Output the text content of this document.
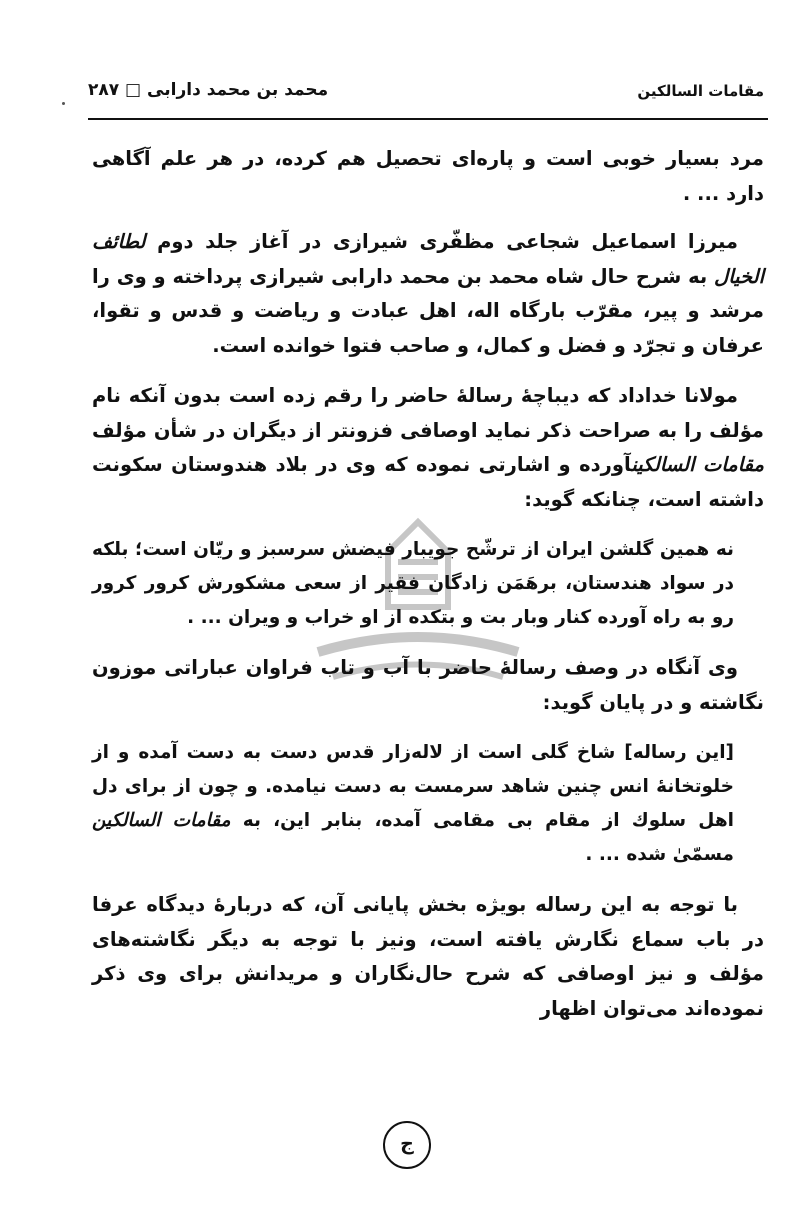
محمد بن محمد دارابی □ ۲۸۷	مقامات السالکین

مرد بسیار خوبی است و پاره‌ای تحصیل هم کرده، در هر علم آگاهی دارد ... .

میرزا اسماعیل شجاعی مظفّری شیرازی در آغاز جلد دوم لطائف الخیال به شرح حال شاه محمد بن محمد دارابی شیرازی پرداخته و وی را مرشد و پیر، مقرّب بارگاه اله، اهل عبادت و ریاضت و قدس و تقوا، عرفان و تجرّد و فضل و کمال، و صاحب فتوا خوانده است.

مولانا خداداد که دیباچهٔ رسالهٔ حاضر را رقم زده است بدون آنکه نام مؤلف را به صراحت ذکر نماید اوصافی فزونتر از دیگران در شأن مؤلف مقامات السالکینآورده و اشارتی نموده که وی در بلاد هندوستان سکونت داشته است، چنانکه گوید:

نه همین گلشن ایران از ترشّح جویبار فیضش سرسبز و ریّان است؛ بلکه در سواد هندستان، برهَمَن زادگان فقیر از سعی مشکورش کرور کرور رو به راه آورده کنار وبار بت و بتکده از او خراب و ویران ... .

وی آنگاه در وصف رسالهٔ حاضر با آب و تاب فراوان عباراتی موزون نگاشته و در پایان گوید:

[این رساله] شاخ گلی است از لاله‌زار قدس دست به دست آمده و از خلوتخانهٔ انس چنین شاهد سرمست به دست نیامده. و چون از برای دل اهل سلوك از مقام بی مقامی آمده، بنابر این، به مقامات السالکین مسمّیٰ شده ... .

با توجه به این رساله بویژه بخش پایانی آن، که دربارهٔ دیدگاه عرفا در باب سماع نگارش یافته است، ونیز با توجه به دیگر نگاشته‌های مؤلف و نیز اوصافی که شرح حال‌نگاران و مریدانش برای وی ذکر نموده‌اند می‌توان اظهار

ج
